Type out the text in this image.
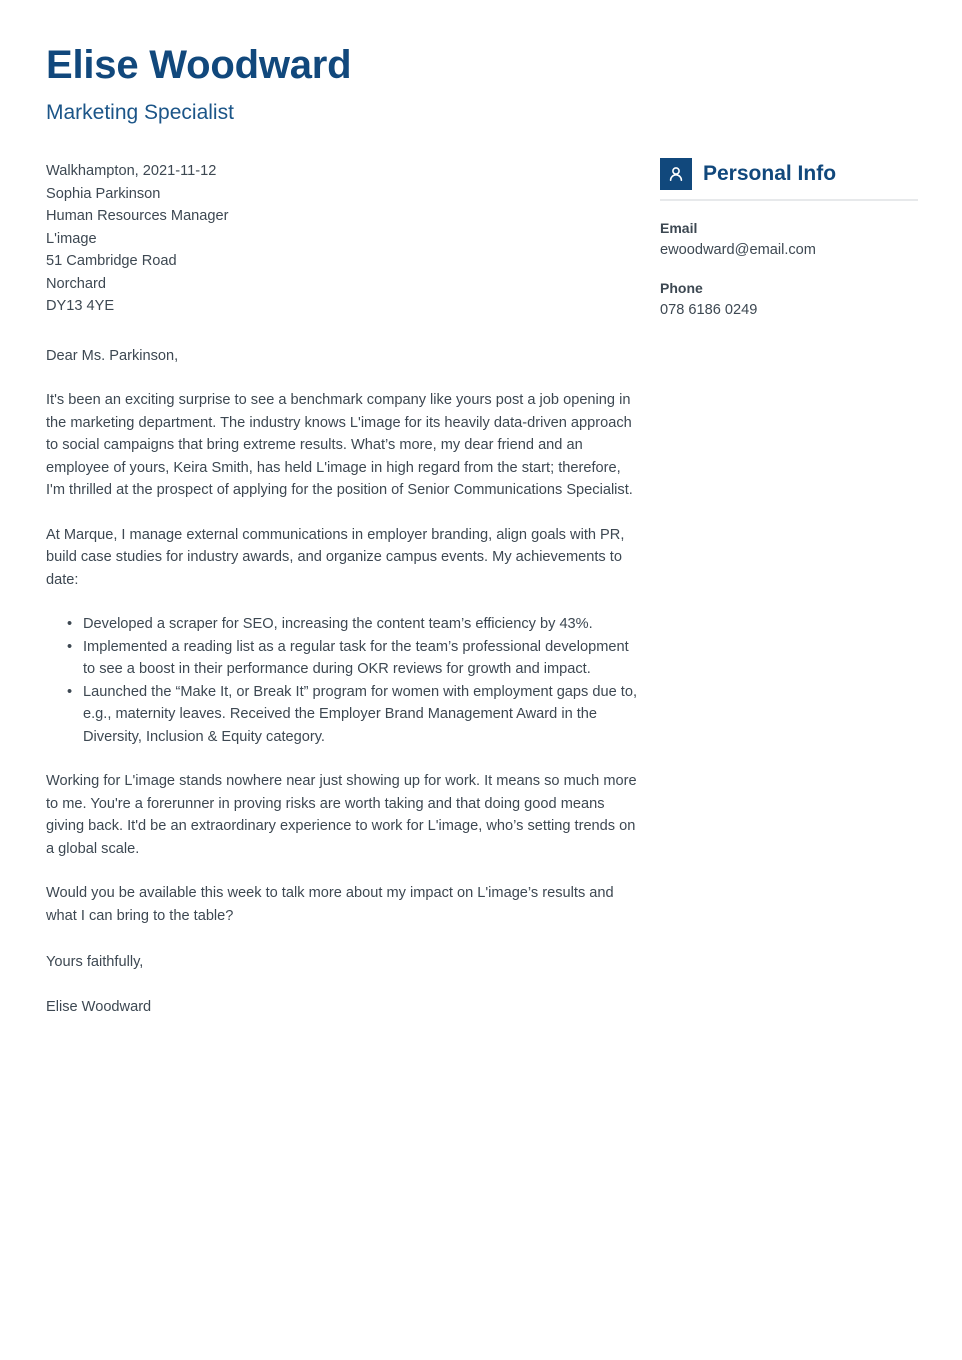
Elise Woodward
Marketing Specialist
Walkhampton, 2021-11-12
Sophia Parkinson
Human Resources Manager
L'image
51 Cambridge Road
Norchard
DY13 4YE
Dear Ms. Parkinson,

It's been an exciting surprise to see a benchmark company like yours post a job opening in the marketing department. The industry knows L'image for its heavily data-driven approach to social campaigns that bring extreme results. What’s more, my dear friend and an employee of yours, Keira Smith, has held L'image in high regard from the start; therefore, I'm thrilled at the prospect of applying for the position of Senior Communications Specialist.

At Marque, I manage external communications in employer branding, align goals with PR, build case studies for industry awards, and organize campus events. My achievements to date:

• Developed a scraper for SEO, increasing the content team’s efficiency by 43%.
• Implemented a reading list as a regular task for the team’s professional development to see a boost in their performance during OKR reviews for growth and impact.
• Launched the “Make It, or Break It” program for women with employment gaps due to, e.g., maternity leaves. Received the Employer Brand Management Award in the Diversity, Inclusion & Equity category.

Working for L'image stands nowhere near just showing up for work. It means so much more to me. You're a forerunner in proving risks are worth taking and that doing good means giving back. It'd be an extraordinary experience to work for L'image, who’s setting trends on a global scale.

Would you be available this week to talk more about my impact on L'image’s results and what I can bring to the table?

Yours faithfully,
Elise Woodward
Personal Info
Email
ewoodward@email.com
Phone
078 6186 0249
